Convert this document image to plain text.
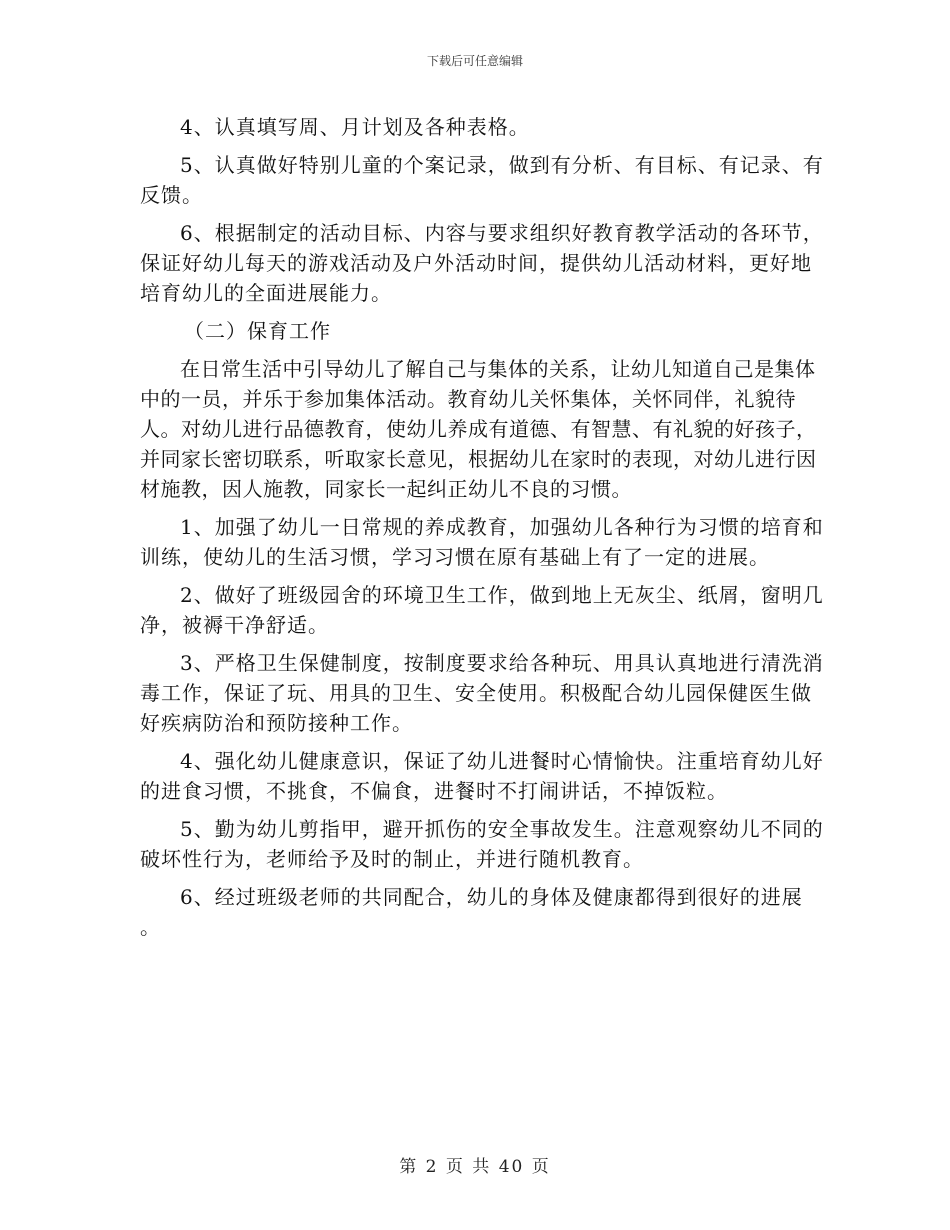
下载后可任意编辑

4、认真填写周、月计划及各种表格。

5、认真做好特别儿童的个案记录，做到有分析、有目标、有记录、有反馈。

6、根据制定的活动目标、内容与要求组织好教育教学活动的各环节，保证好幼儿每天的游戏活动及户外活动时间，提供幼儿活动材料，更好地培育幼儿的全面进展能力。

（二）保育工作

在日常生活中引导幼儿了解自己与集体的关系，让幼儿知道自己是集体中的一员，并乐于参加集体活动。教育幼儿关怀集体，关怀同伴，礼貌待人。对幼儿进行品德教育，使幼儿养成有道德、有智慧、有礼貌的好孩子，并同家长密切联系，听取家长意见，根据幼儿在家时的表现，对幼儿进行因材施教，因人施教，同家长一起纠正幼儿不良的习惯。

1、加强了幼儿一日常规的养成教育，加强幼儿各种行为习惯的培育和训练，使幼儿的生活习惯，学习习惯在原有基础上有了一定的进展。

2、做好了班级园舍的环境卫生工作，做到地上无灰尘、纸屑，窗明几净，被褥干净舒适。

3、严格卫生保健制度，按制度要求给各种玩、用具认真地进行清洗消毒工作，保证了玩、用具的卫生、安全使用。积极配合幼儿园保健医生做好疾病防治和预防接种工作。

4、强化幼儿健康意识，保证了幼儿进餐时心情愉快。注重培育幼儿好的进食习惯，不挑食，不偏食，进餐时不打闹讲话，不掉饭粒。

5、勤为幼儿剪指甲，避开抓伤的安全事故发生。注意观察幼儿不同的破坏性行为，老师给予及时的制止，并进行随机教育。

6、经过班级老师的共同配合，幼儿的身体及健康都得到很好的进展 。

第 2 页 共 40 页
